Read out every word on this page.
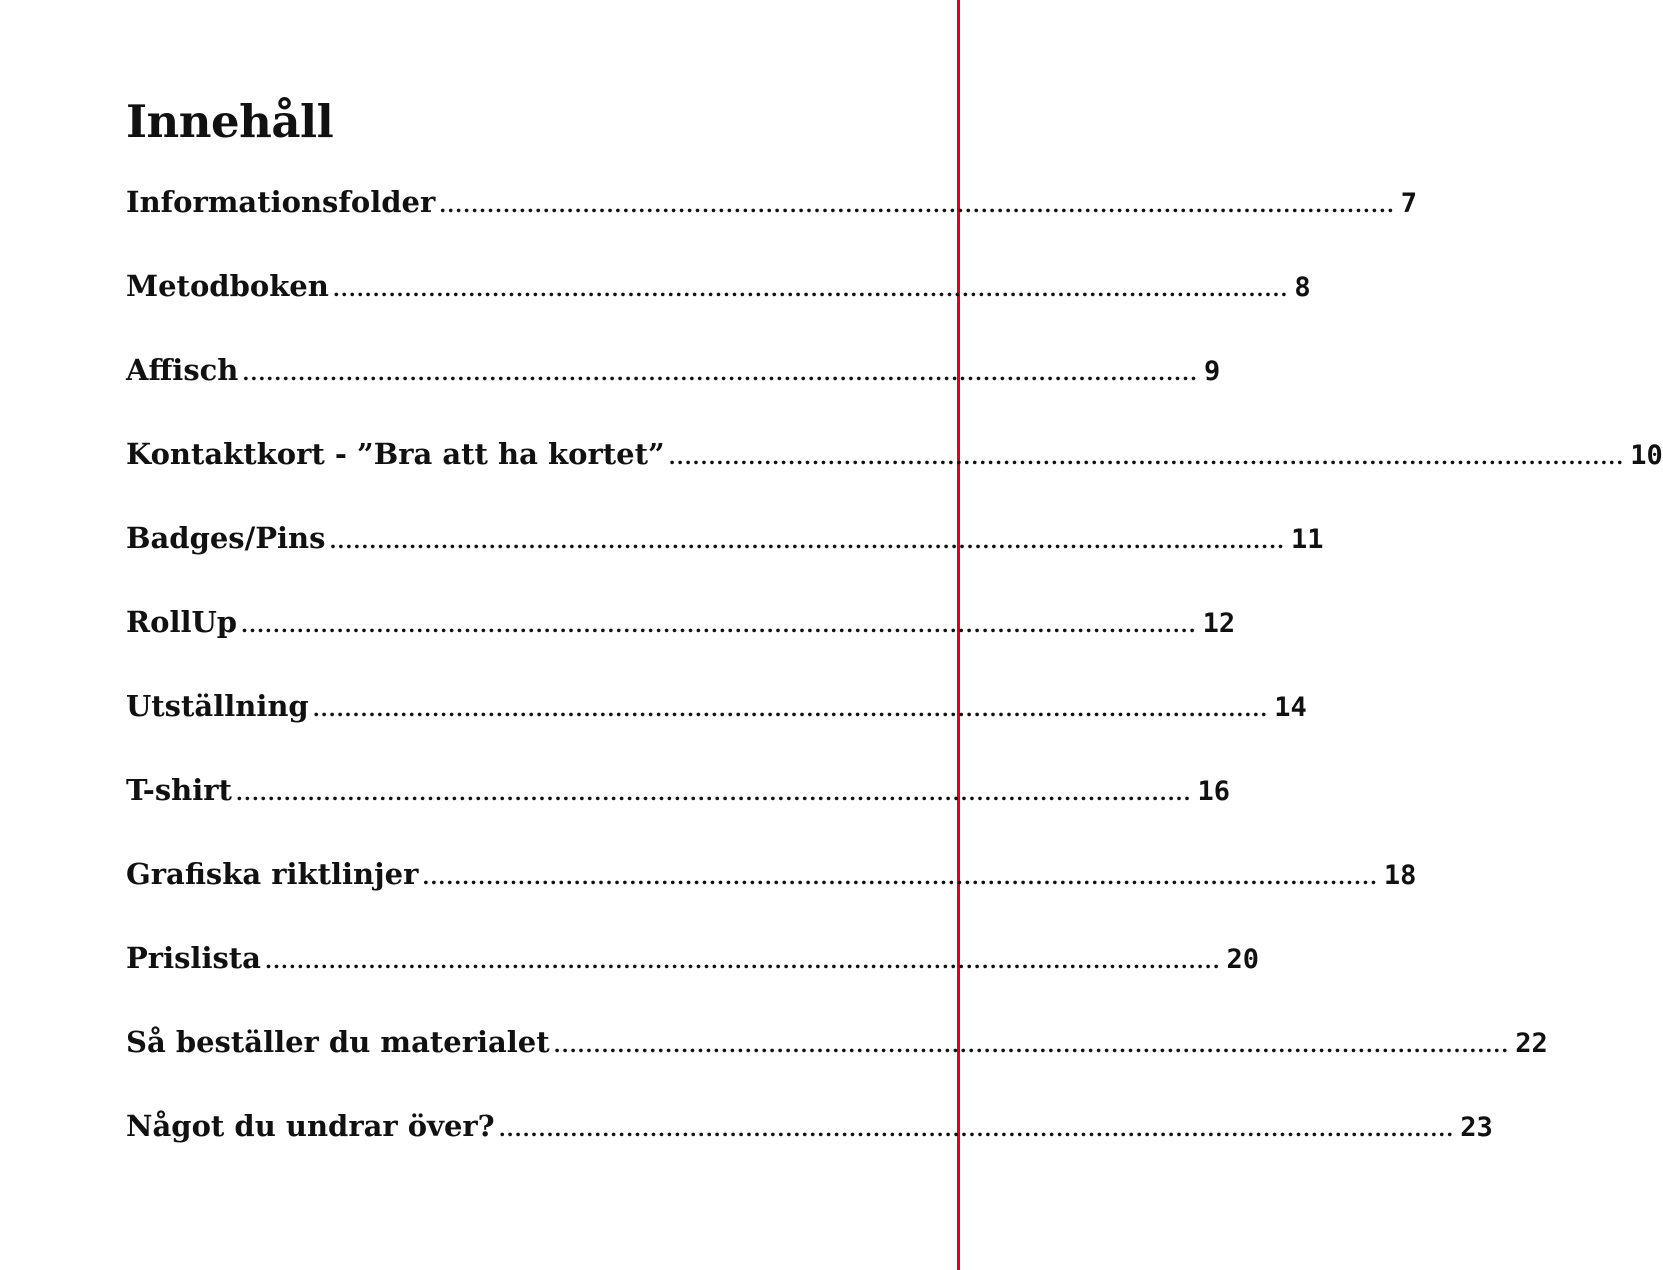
Innehåll
Informationsfolder ........................................................................................................................ 7
Metodboken ........................................................................................................................ 8
Affisch ........................................................................................................................ 9
Kontaktkort - ”Bra att ha kortet” ........................................................................................................................ 10
Badges/Pins ........................................................................................................................ 11
RollUp ........................................................................................................................ 12
Utställning ........................................................................................................................ 14
T-shirt ........................................................................................................................ 16
Grafiska riktlinjer ........................................................................................................................ 18
Prislista ........................................................................................................................ 20
Så beställer du materialet ........................................................................................................................ 22
Något du undrar över? ........................................................................................................................ 23
